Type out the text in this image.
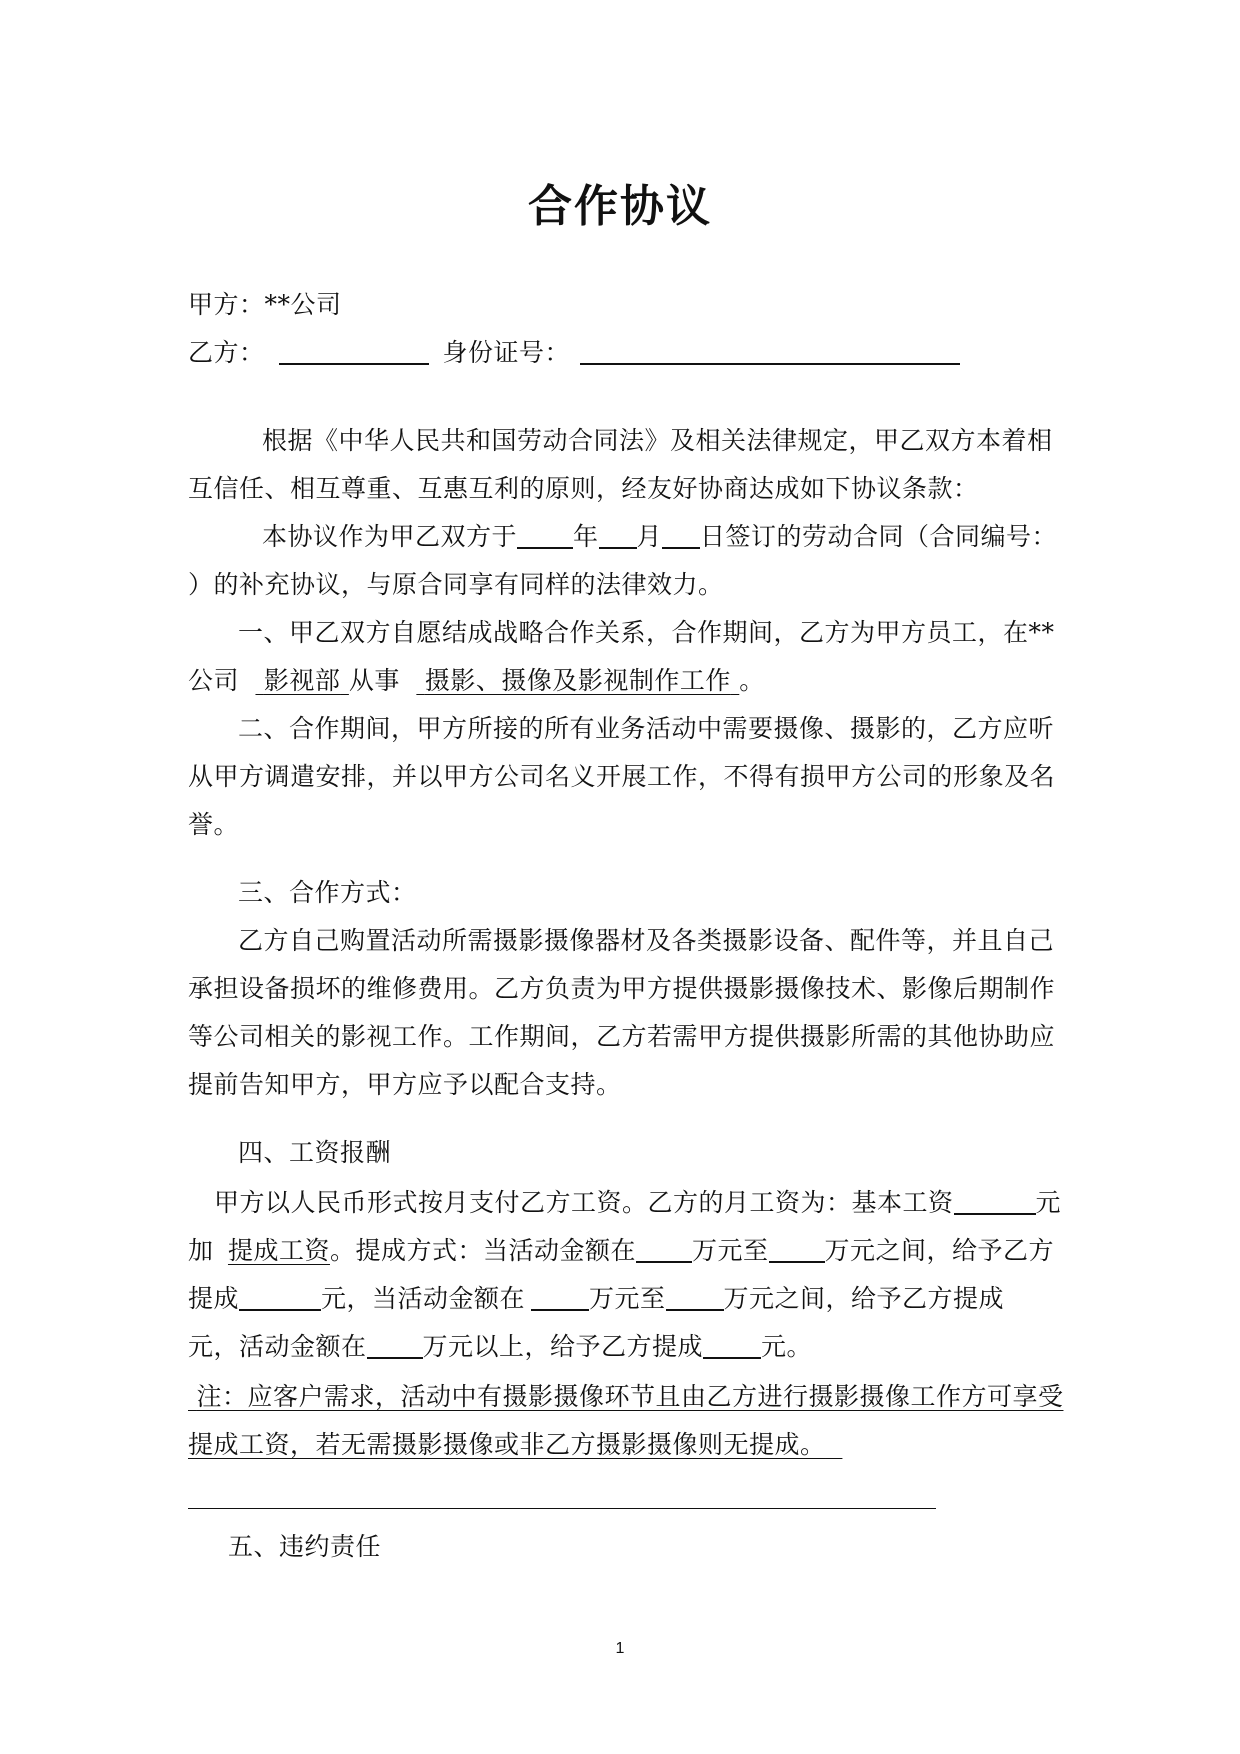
合作协议
甲方：**公司
乙方：	身份证号：
根据《中华人民共和国劳动合同法》及相关法律规定，甲乙双方本着相
互信任、相互尊重、互惠互利的原则，经友好协商达成如下协议条款：
本协议作为甲乙双方于 年 月 日签订的劳动合同（合同编号：
）的补充协议，与原合同享有同样的法律效力。
一、甲乙双方自愿结成战略合作关系，合作期间，乙方为甲方员工，在**
公司 影视部 从事 摄影、摄像及影视制作工作 。
二、合作期间，甲方所接的所有业务活动中需要摄像、摄影的，乙方应听
从甲方调遣安排，并以甲方公司名义开展工作，不得有损甲方公司的形象及名
誉。
三、合作方式：
乙方自己购置活动所需摄影摄像器材及各类摄影设备、配件等，并且自己
承担设备损坏的维修费用。乙方负责为甲方提供摄影摄像技术、影像后期制作
等公司相关的影视工作。工作期间，乙方若需甲方提供摄影所需的其他协助应
提前告知甲方，甲方应予以配合支持。
四、工资报酬
甲方以人民币形式按月支付乙方工资。乙方的月工资为：基本工资	元
加 提成工资。提成方式：当活动金额在 万元至 万元之间，给予乙方
提成	元，当活动金额在	万元至 万元之间，给予乙方提成
元，活动金额在 万元以上，给予乙方提成 元。
注：应客户需求，活动中有摄影摄像环节且由乙方进行摄影摄像工作方可享受
提成工资，若无需摄影摄像或非乙方摄影摄像则无提成。
五、违约责任
1
